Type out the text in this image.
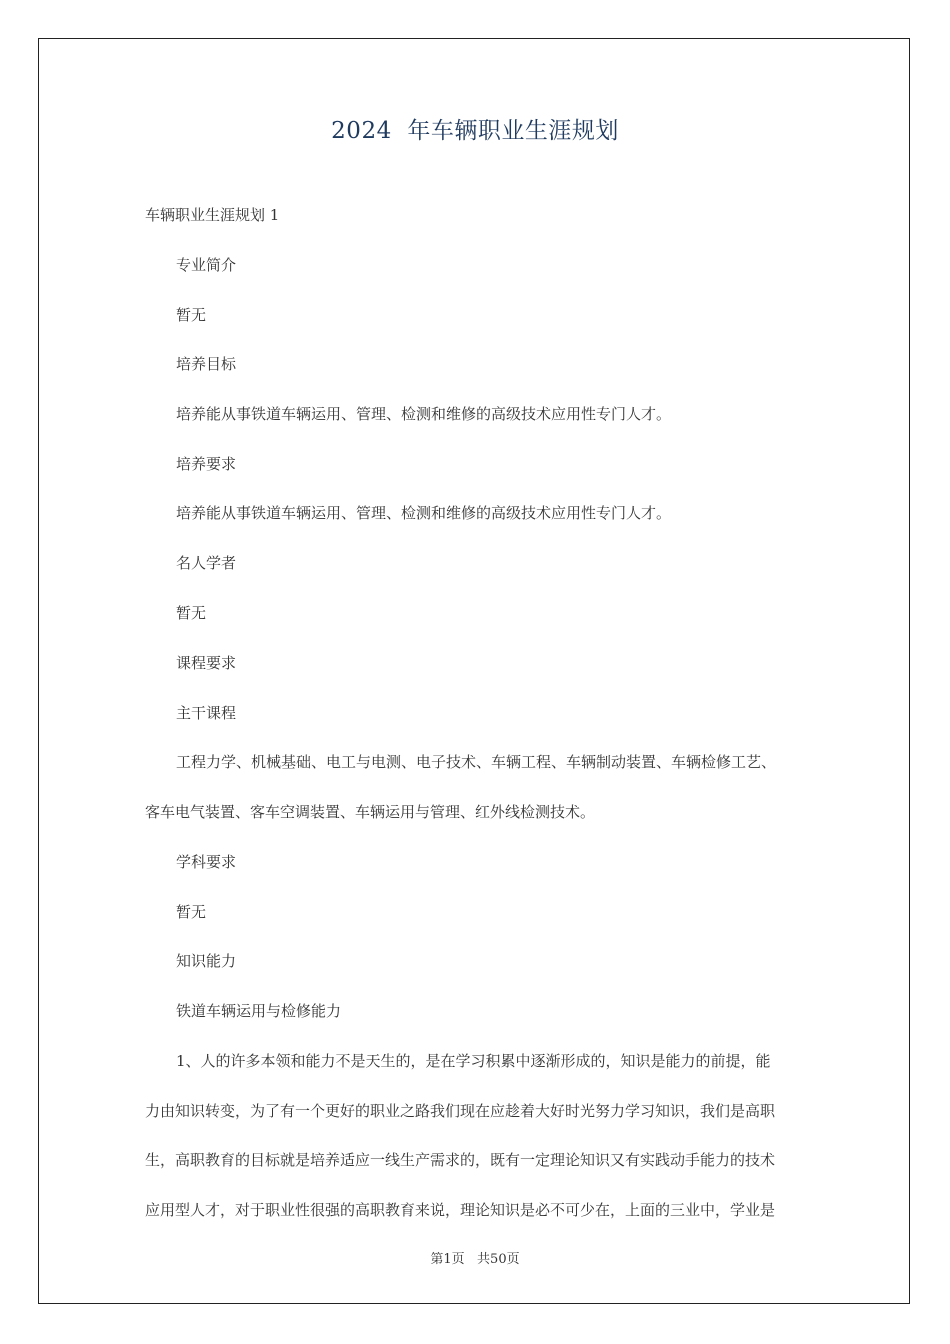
2024  年车辆职业生涯规划
车辆职业生涯规划 1
专业简介
暂无
培养目标
培养能从事铁道车辆运用、管理、检测和维修的高级技术应用性专门人才。
培养要求
培养能从事铁道车辆运用、管理、检测和维修的高级技术应用性专门人才。
名人学者
暂无
课程要求
主干课程
工程力学、机械基础、电工与电测、电子技术、车辆工程、车辆制动装置、车辆检修工艺、
客车电气装置、客车空调装置、车辆运用与管理、红外线检测技术。
学科要求
暂无
知识能力
铁道车辆运用与检修能力
1、人的许多本领和能力不是天生的，是在学习积累中逐渐形成的，知识是能力的前提，能
力由知识转变，为了有一个更好的职业之路我们现在应趁着大好时光努力学习知识，我们是高职
生，高职教育的目标就是培养适应一线生产需求的，既有一定理论知识又有实践动手能力的技术
应用型人才，对于职业性很强的高职教育来说，理论知识是必不可少在，上面的三业中，学业是
第1页   共50页
